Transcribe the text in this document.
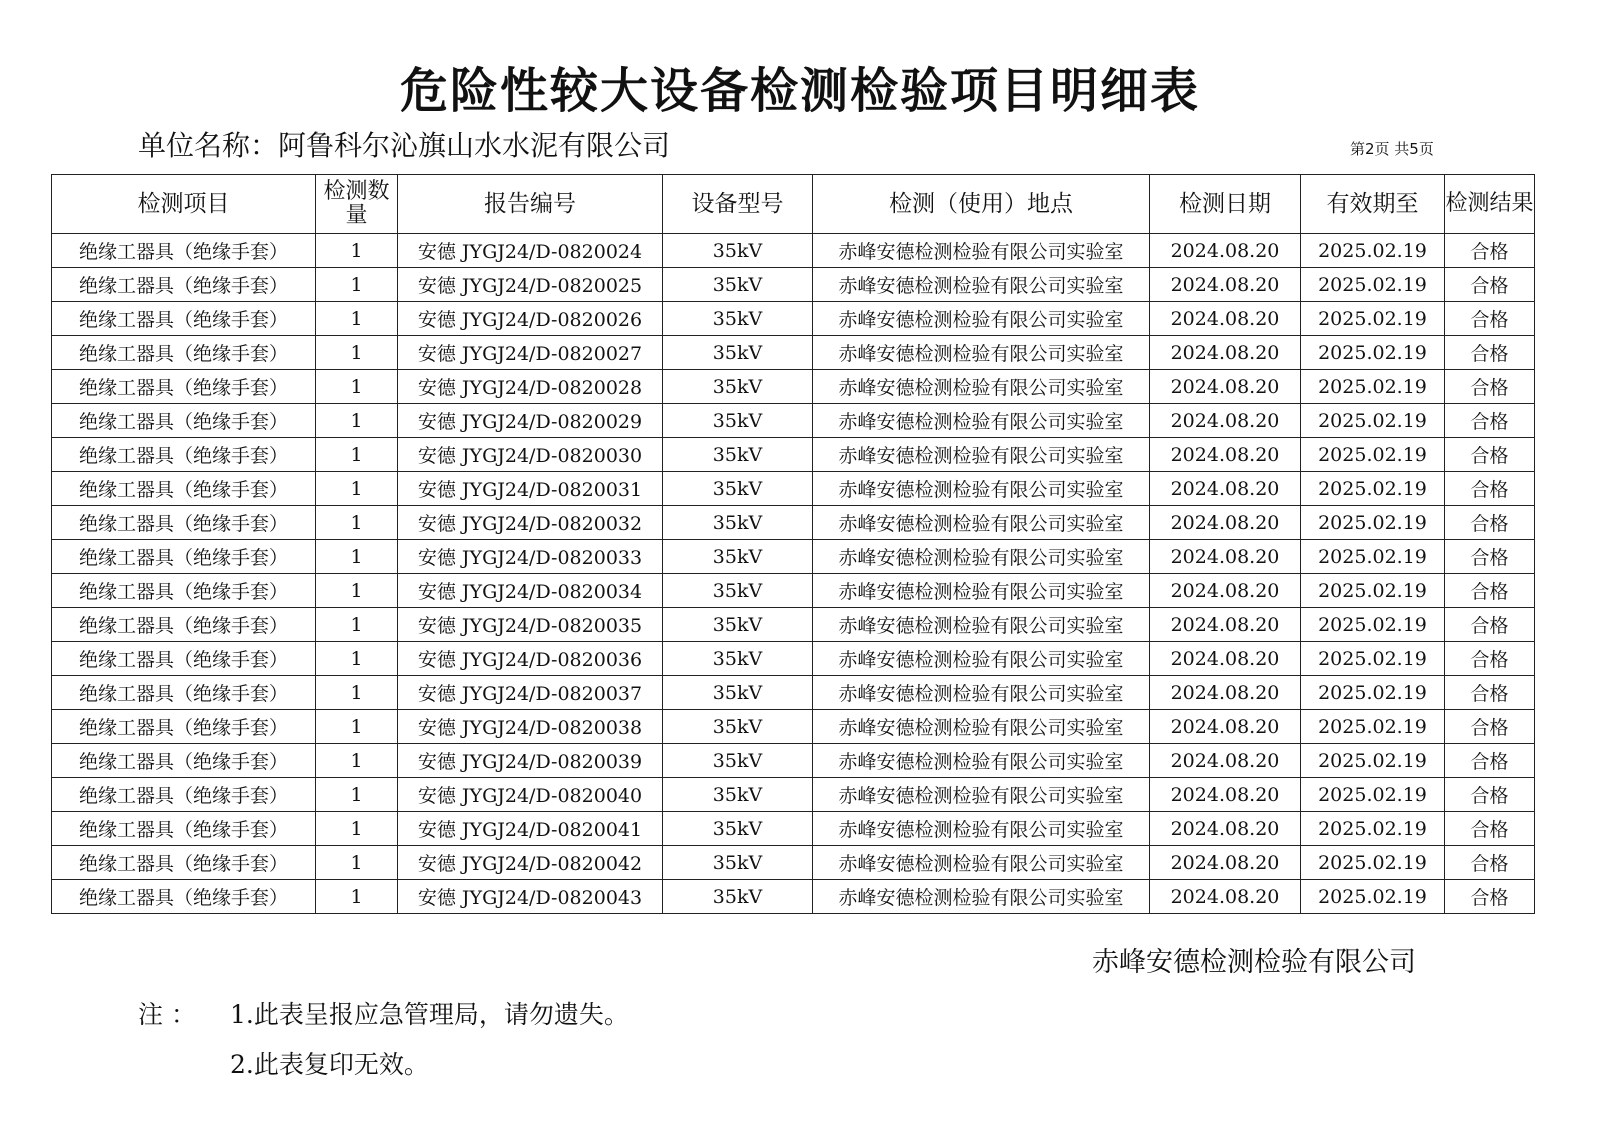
危险性较大设备检测检验项目明细表
单位名称：阿鲁科尔沁旗山水水泥有限公司	第2页 共5页
检测项目	检测数量	报告编号	设备型号	检测（使用）地点	检测日期	有效期至	检测结果
绝缘工器具（绝缘手套）	1	安德 JYGJ24/D-0820024	35kV	赤峰安德检测检验有限公司实验室	2024.08.20	2025.02.19	合格
绝缘工器具（绝缘手套）	1	安德 JYGJ24/D-0820025	35kV	赤峰安德检测检验有限公司实验室	2024.08.20	2025.02.19	合格
绝缘工器具（绝缘手套）	1	安德 JYGJ24/D-0820026	35kV	赤峰安德检测检验有限公司实验室	2024.08.20	2025.02.19	合格
绝缘工器具（绝缘手套）	1	安德 JYGJ24/D-0820027	35kV	赤峰安德检测检验有限公司实验室	2024.08.20	2025.02.19	合格
绝缘工器具（绝缘手套）	1	安德 JYGJ24/D-0820028	35kV	赤峰安德检测检验有限公司实验室	2024.08.20	2025.02.19	合格
绝缘工器具（绝缘手套）	1	安德 JYGJ24/D-0820029	35kV	赤峰安德检测检验有限公司实验室	2024.08.20	2025.02.19	合格
绝缘工器具（绝缘手套）	1	安德 JYGJ24/D-0820030	35kV	赤峰安德检测检验有限公司实验室	2024.08.20	2025.02.19	合格
绝缘工器具（绝缘手套）	1	安德 JYGJ24/D-0820031	35kV	赤峰安德检测检验有限公司实验室	2024.08.20	2025.02.19	合格
绝缘工器具（绝缘手套）	1	安德 JYGJ24/D-0820032	35kV	赤峰安德检测检验有限公司实验室	2024.08.20	2025.02.19	合格
绝缘工器具（绝缘手套）	1	安德 JYGJ24/D-0820033	35kV	赤峰安德检测检验有限公司实验室	2024.08.20	2025.02.19	合格
绝缘工器具（绝缘手套）	1	安德 JYGJ24/D-0820034	35kV	赤峰安德检测检验有限公司实验室	2024.08.20	2025.02.19	合格
绝缘工器具（绝缘手套）	1	安德 JYGJ24/D-0820035	35kV	赤峰安德检测检验有限公司实验室	2024.08.20	2025.02.19	合格
绝缘工器具（绝缘手套）	1	安德 JYGJ24/D-0820036	35kV	赤峰安德检测检验有限公司实验室	2024.08.20	2025.02.19	合格
绝缘工器具（绝缘手套）	1	安德 JYGJ24/D-0820037	35kV	赤峰安德检测检验有限公司实验室	2024.08.20	2025.02.19	合格
绝缘工器具（绝缘手套）	1	安德 JYGJ24/D-0820038	35kV	赤峰安德检测检验有限公司实验室	2024.08.20	2025.02.19	合格
绝缘工器具（绝缘手套）	1	安德 JYGJ24/D-0820039	35kV	赤峰安德检测检验有限公司实验室	2024.08.20	2025.02.19	合格
绝缘工器具（绝缘手套）	1	安德 JYGJ24/D-0820040	35kV	赤峰安德检测检验有限公司实验室	2024.08.20	2025.02.19	合格
绝缘工器具（绝缘手套）	1	安德 JYGJ24/D-0820041	35kV	赤峰安德检测检验有限公司实验室	2024.08.20	2025.02.19	合格
绝缘工器具（绝缘手套）	1	安德 JYGJ24/D-0820042	35kV	赤峰安德检测检验有限公司实验室	2024.08.20	2025.02.19	合格
绝缘工器具（绝缘手套）	1	安德 JYGJ24/D-0820043	35kV	赤峰安德检测检验有限公司实验室	2024.08.20	2025.02.19	合格
赤峰安德检测检验有限公司
注 ： 1.此表呈报应急管理局，请勿遗失。
2.此表复印无效。
